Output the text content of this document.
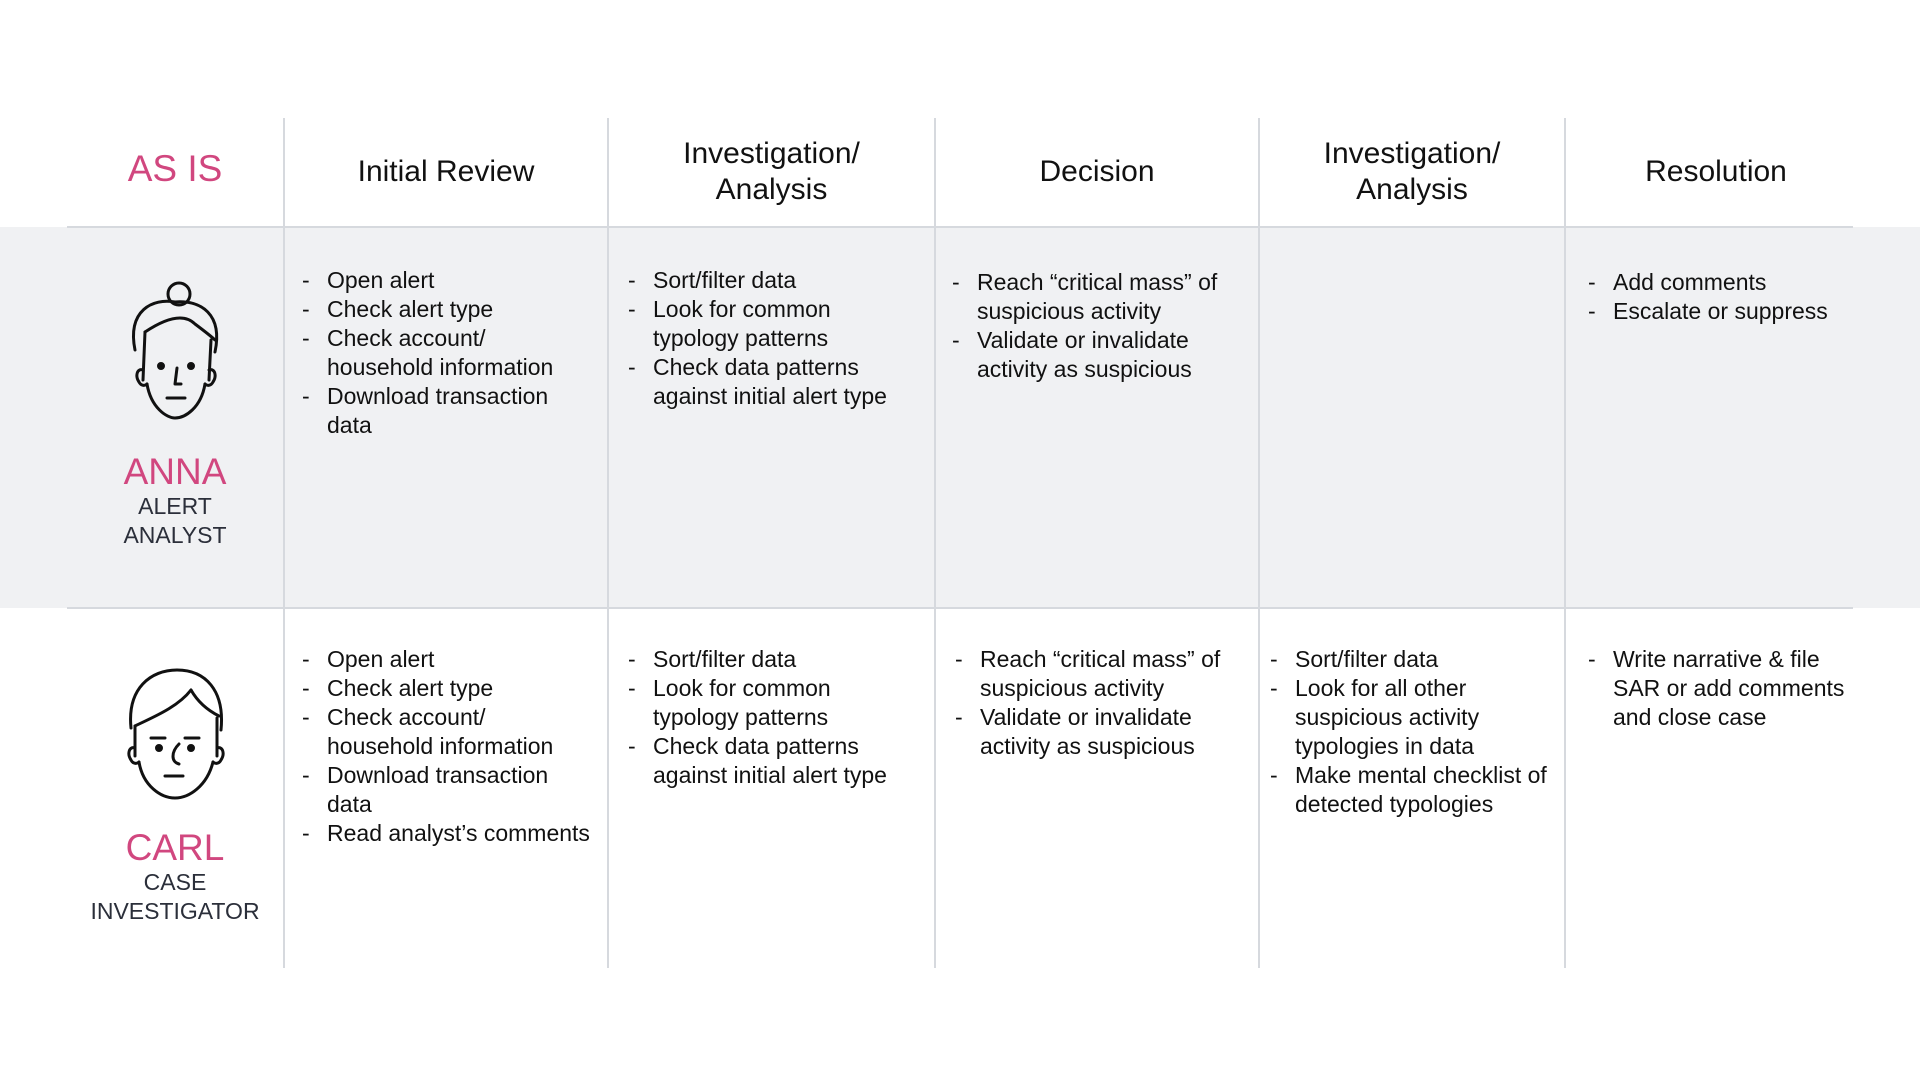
AS IS	Initial Review
Investigation/ Analysis
Decision
Investigation/ Analysis
Resolution
ANNA
ALERT ANALYST
CARL
CASE INVESTIGATOR
- Open alert
- Check alert type
- Check account/ household information
- Download transaction data
- Sort/filter data
- Look for common typology patterns
- Check data patterns against initial alert type
- Reach “critical mass” of suspicious activity
- Validate or invalidate activity as suspicious
- Add comments
- Escalate or suppress
- Open alert
- Check alert type
- Check account/ household information
- Download transaction data
- Read analyst’s comments
- Sort/filter data
- Look for common typology patterns
- Check data patterns against initial alert type
- Reach “critical mass” of suspicious activity
- Validate or invalidate activity as suspicious
- Sort/filter data
- Look for all other suspicious activity typologies in data
- Make mental checklist of detected typologies
- Write narrative & file SAR or add comments and close case
